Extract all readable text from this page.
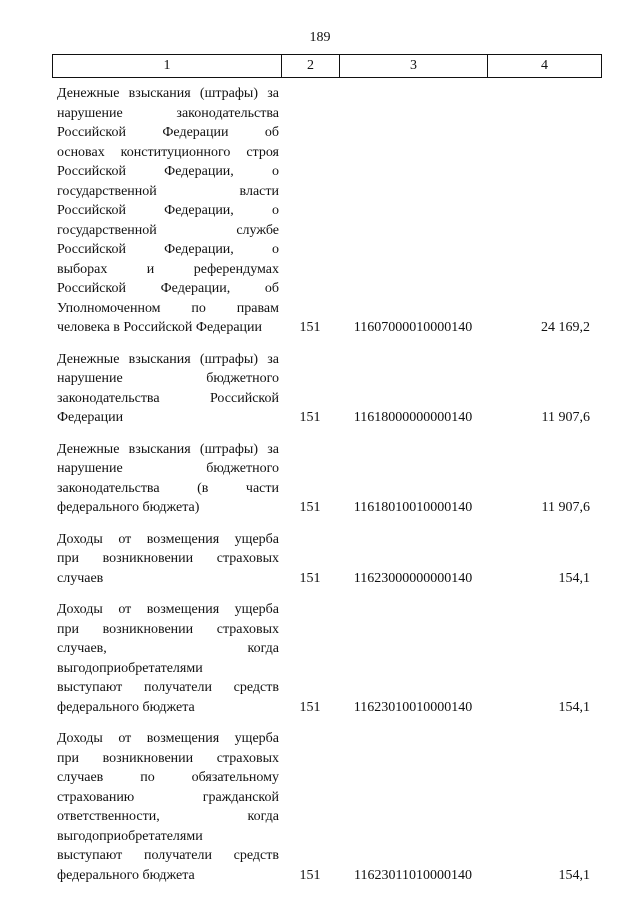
189
1	2	3	4
Денежные взыскания (штрафы) за
нарушение законодательства
Российской Федерации об
основах конституционного строя
Российской Федерации, о
государственной власти
Российской Федерации, о
государственной службе
Российской Федерации, о
выборах и референдумах
Российской Федерации, об
Уполномоченном по правам
человека в Российской Федерации	151	11607000010000140	24 169,2
Денежные взыскания (штрафы) за
нарушение бюджетного
законодательства Российской
Федерации	151	11618000000000140	11 907,6
Денежные взыскания (штрафы) за
нарушение бюджетного
законодательства (в части
федерального бюджета)	151	11618010010000140	11 907,6
Доходы от возмещения ущерба
при возникновении страховых
случаев	151	11623000000000140	154,1
Доходы от возмещения ущерба
при возникновении страховых
случаев, когда
выгодоприобретателями
выступают получатели средств
федерального бюджета	151	11623010010000140	154,1
Доходы от возмещения ущерба
при возникновении страховых
случаев по обязательному
страхованию гражданской
ответственности, когда
выгодоприобретателями
выступают получатели средств
федерального бюджета	151	11623011010000140	154,1
